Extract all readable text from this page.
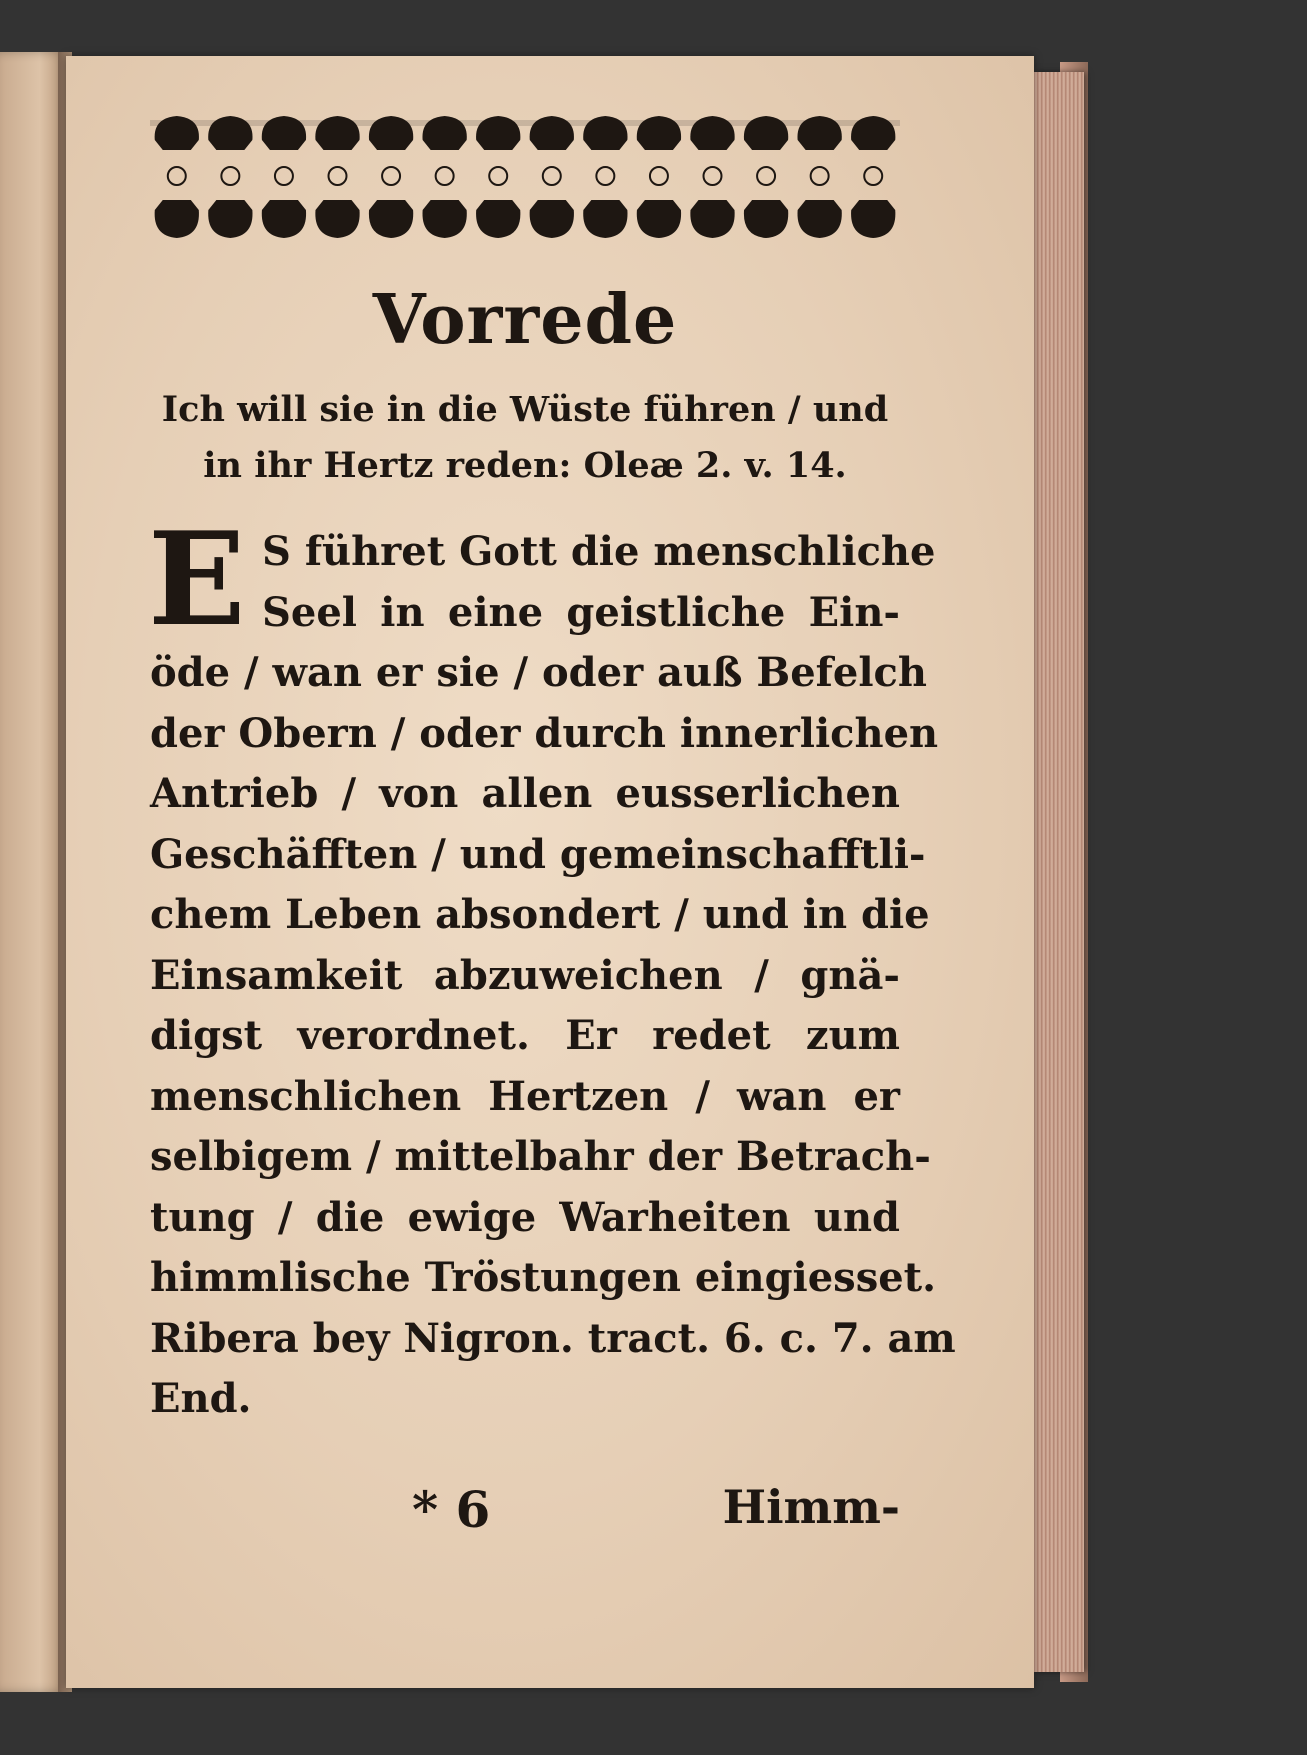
Vorrede
Ich will sie in die Wüste führen / und
in ihr Hertz reden: Oleæ 2. v. 14.
E S führet Gott die menschliche
Seel in eine geistliche Ein-
öde / wan er sie / oder auß Befelch
der Obern / oder durch innerlichen
Antrieb / von allen eusserlichen
Geschäfften / und gemeinschafftli-
chem Leben absondert / und in die
Einsamkeit abzuweichen / gnä-
digst verordnet. Er redet zum
menschlichen Hertzen / wan er
selbigem / mittelbahr der Betrach-
tung / die ewige Warheiten und
himmlische Tröstungen eingiesset.
Ribera bey Nigron. tract. 6. c. 7. am
End.
* 6	Himm-
